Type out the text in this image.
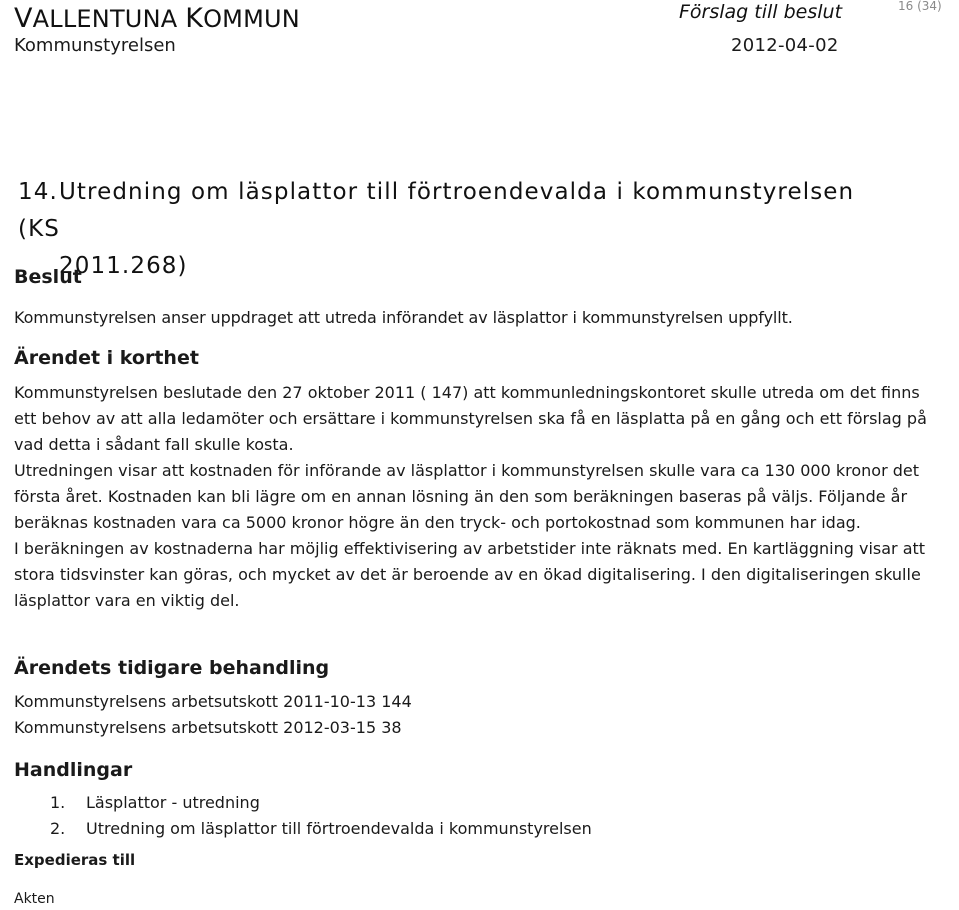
VALLENTUNA KOMMUN	Förslag till beslut	16 (34)
Kommunstyrelsen	2012-04-02
14.Utredning om läsplattor till förtroendevalda i kommunstyrelsen (KS
2011.268)
Beslut
Kommunstyrelsen anser uppdraget att utreda införandet av läsplattor i kommunstyrelsen uppfyllt.
Ärendet i korthet

Kommunstyrelsen beslutade den 27 oktober 2011 ( 147) att kommunledningskontoret skulle utreda om det finns ett behov av att alla ledamöter och ersättare i kommunstyrelsen ska få en läsplatta på en gång och ett förslag på vad detta i sådant fall skulle kosta.

Utredningen visar att kostnaden för införande av läsplattor i kommunstyrelsen skulle vara ca 130 000 kronor det första året. Kostnaden kan bli lägre om en annan lösning än den som beräkningen baseras på väljs. Följande år beräknas kostnaden vara ca 5000 kronor högre än den tryck- och portokostnad som kommunen har idag.

I beräkningen av kostnaderna har möjlig effektivisering av arbetstider inte räknats med. En kartläggning visar att stora tidsvinster kan göras, och mycket av det är beroende av en ökad digitalisering. I den digitaliseringen skulle läsplattor vara en viktig del.

Ärendets tidigare behandling

Kommunstyrelsens arbetsutskott 2011-10-13 144

Kommunstyrelsens arbetsutskott 2012-03-15 38

Handlingar
1.	Läsplattor - utredning
2.	Utredning om läsplattor till förtroendevalda i kommunstyrelsen
Expedieras till
Akten
